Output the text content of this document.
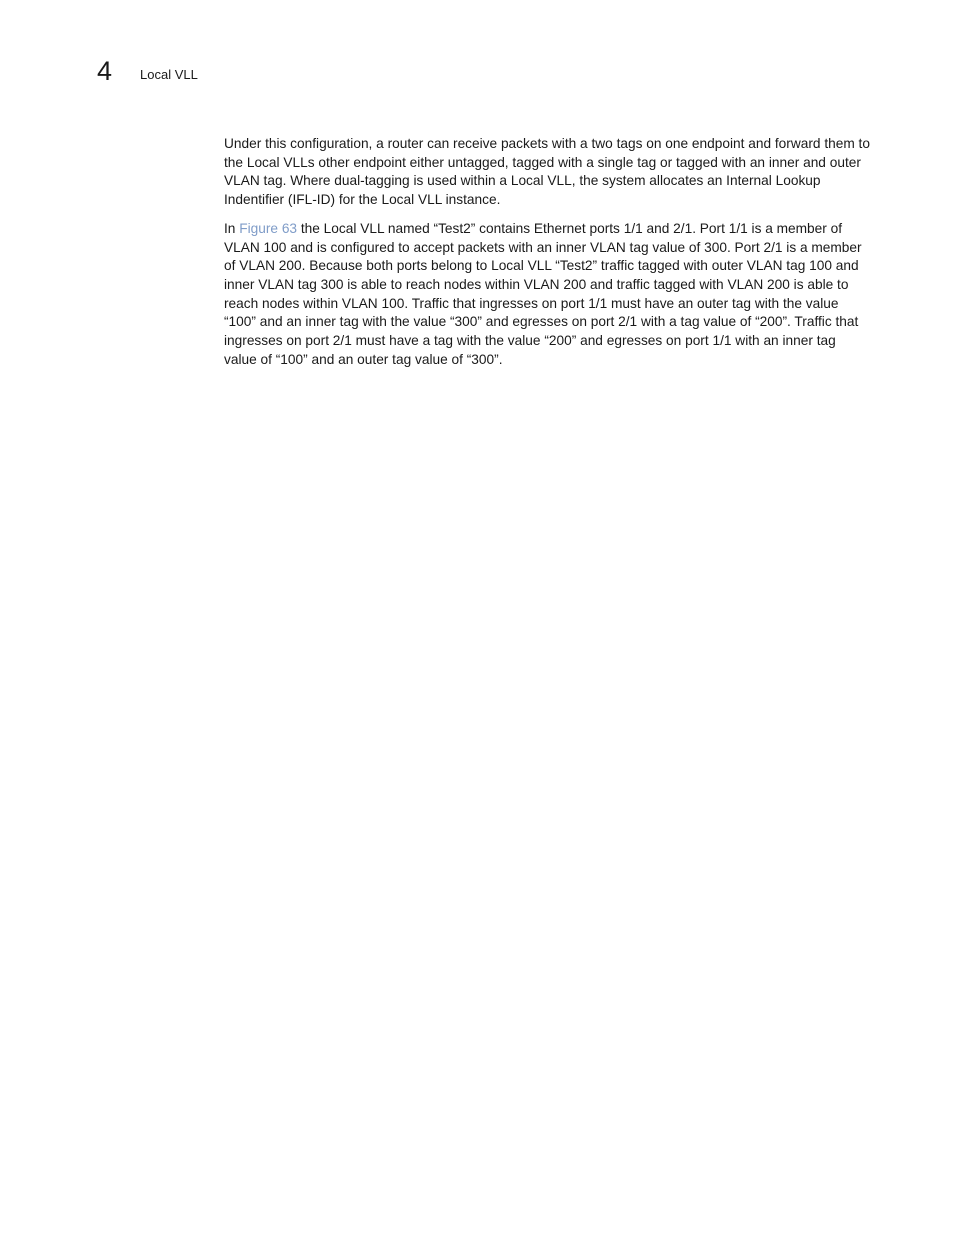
4 Local VLL

Under this configuration, a router can receive packets with a two tags on one endpoint and forward them to the Local VLLs other endpoint either untagged, tagged with a single tag or tagged with an inner and outer VLAN tag. Where dual-tagging is used within a Local VLL, the system allocates an Internal Lookup Indentifier (IFL-ID) for the Local VLL instance.

In Figure 63 the Local VLL named “Test2” contains Ethernet ports 1/1 and 2/1. Port 1/1 is a member of VLAN 100 and is configured to accept packets with an inner VLAN tag value of 300. Port 2/1 is a member of VLAN 200. Because both ports belong to Local VLL “Test2” traffic tagged with outer VLAN tag 100 and inner VLAN tag 300 is able to reach nodes within VLAN 200 and traffic tagged with VLAN 200 is able to reach nodes within VLAN 100. Traffic that ingresses on port 1/1 must have an outer tag with the value “100” and an inner tag with the value “300” and egresses on port 2/1 with a tag value of “200”. Traffic that ingresses on port 2/1 must have a tag with the value “200” and egresses on port 1/1 with an inner tag value of “100” and an outer tag value of “300”.
